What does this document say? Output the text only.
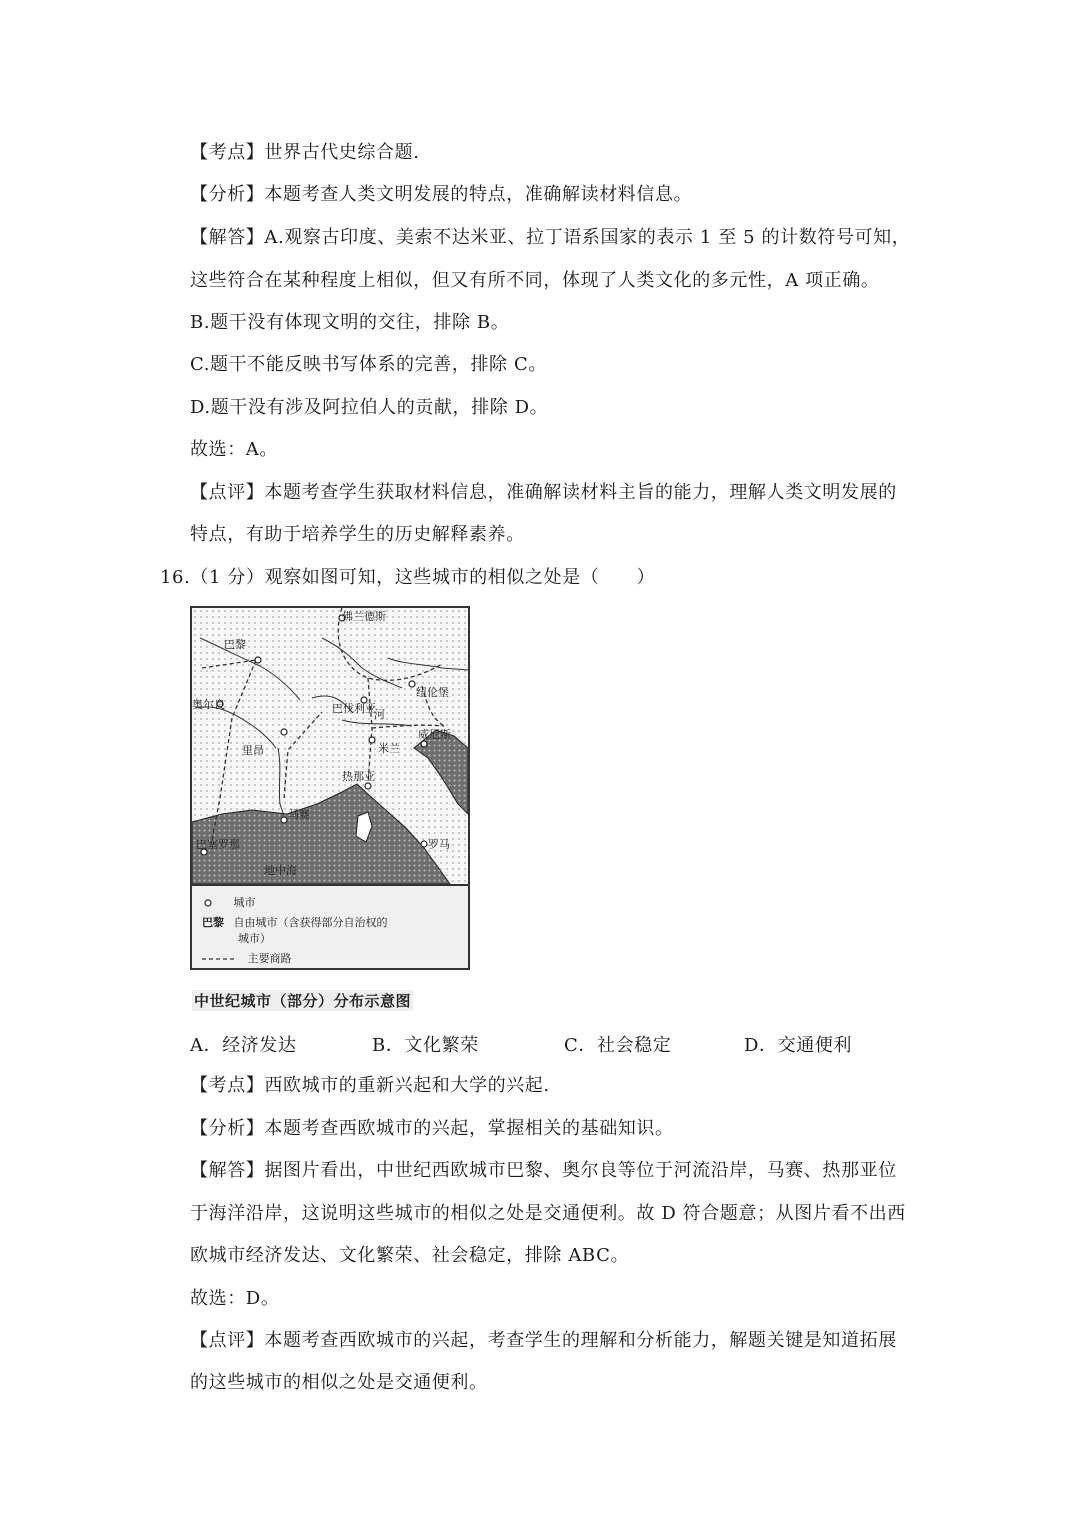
【考点】世界古代史综合题.
【分析】本题考查人类文明发展的特点，准确解读材料信息。
【解答】A.观察古印度、美索不达米亚、拉丁语系国家的表示 1 至 5 的计数符号可知，
这些符合在某种程度上相似，但又有所不同，体现了人类文化的多元性，A 项正确。
B.题干没有体现文明的交往，排除 B。
C.题干不能反映书写体系的完善，排除 C。
D.题干没有涉及阿拉伯人的贡献，排除 D。
故选：A。
【点评】本题考查学生获取材料信息，准确解读材料主旨的能力，理解人类文明发展的
特点，有助于培养学生的历史解释素养。
16.（1 分）观察如图可知，这些城市的相似之处是（　　）
巴黎
奥尔良
佛兰德斯
里昂
马赛
热那亚
米兰
威尼斯
巴塞罗那	罗马
地中海
河
巴伐利亚
纽伦堡
城市
巴黎 自由城市（含获得部分自治权的
城市）
主要商路
中世纪城市（部分）分布示意图
A．经济发达	B．文化繁荣	C．社会稳定	D．交通便利
【考点】西欧城市的重新兴起和大学的兴起.
【分析】本题考查西欧城市的兴起，掌握相关的基础知识。
【解答】据图片看出，中世纪西欧城市巴黎、奥尔良等位于河流沿岸，马赛、热那亚位
于海洋沿岸，这说明这些城市的相似之处是交通便利。故 D 符合题意；从图片看不出西
欧城市经济发达、文化繁荣、社会稳定，排除 ABC。
故选：D。
【点评】本题考查西欧城市的兴起，考查学生的理解和分析能力，解题关键是知道拓展
的这些城市的相似之处是交通便利。
